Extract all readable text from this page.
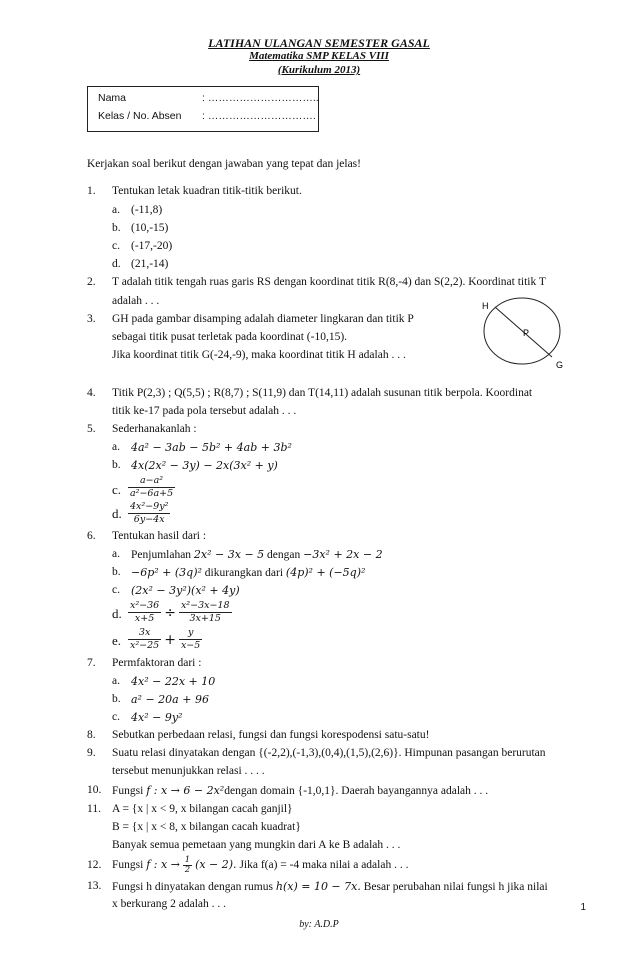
LATIHAN ULANGAN SEMESTER GASAL
Matematika SMP KELAS VIII
(Kurikulum 2013)
Nama	: …………………………..
Kelas / No. Absen	: ………………………….
Kerjakan soal berikut dengan jawaban yang tepat dan jelas!
1. Tentukan letak kuadran titik-titik berikut.
a. (-11,8)
b. (10,-15)
c. (-17,-20)
d. (21,-14)
2. T adalah titik tengah ruas garis RS dengan koordinat titik R(8,-4) dan S(2,2). Koordinat titik T
adalah . . .
3. GH pada gambar disamping adalah diameter lingkaran dan titik P
sebagai titik pusat terletak pada koordinat (-10,15).
Jika koordinat titik G(-24,-9), maka koordinat titik H adalah . . .
H
P
G
4. Titik P(2,3) ; Q(5,5) ; R(8,7) ; S(11,9) dan T(14,11) adalah susunan titik berpola. Koordinat
titik ke-17 pada pola tersebut adalah . . .
5. Sederhanakanlah :
a. 4a² − 3ab − 5b² + 4ab + 3b²
b. 4x(2x² − 3y) − 2x(3x² + y)
c. $\frac{\text{a−a²}}{\text{a²−6a+5}}$
d. $\frac{\text{4x²−9y²}}{6y-4x}$
6. Tentukan hasil dari :
a. Penjumlahan 2x² − 3x − 5 dengan −3x² + 2x − 2
b. −6p² + (3q)² dikurangkan dari (4p)² + (−5q)²
c. (2x² − 3y²)(x² + 4y)
d. $\frac{\text{x²−36}}{x+5} \div \frac{\text{x²−3x−18}}{3x+15}$
e. $\frac{3x}{\text{x²−25}} + \frac{y}{x-5}$
7. Permfaktoran dari :
a. 4x² − 22x + 10
b. a² − 20a + 96
c. 4x² − 9y²
8. Sebutkan perbedaan relasi, fungsi dan fungsi korespodensi satu-satu!
9. Suatu relasi dinyatakan dengan {(-2,2),(-1,3),(0,4),(1,5),(2,6)}. Himpunan pasangan berurutan
tersebut menunjukkan relasi . . . .
10. Fungsi f : x → 6 − 2x²dengan domain {-1,0,1}. Daerah bayangannya adalah . . .
11. A = {x | x < 9, x bilangan cacah ganjil}
B = {x | x < 8, x bilangan cacah kuadrat}
Banyak semua pemetaan yang mungkin dari A ke B adalah . . .
12. Fungsi f : $x \to \frac{1}{2} (x - 2)$. Jika f(a) = -4 maka nilai a adalah . . .
13. Fungsi h dinyatakan dengan rumus h(x) = 10 − 7x. Besar perubahan nilai fungsi h jika nilai
x berkurang 2 adalah . . .	1
by: A.D.P
